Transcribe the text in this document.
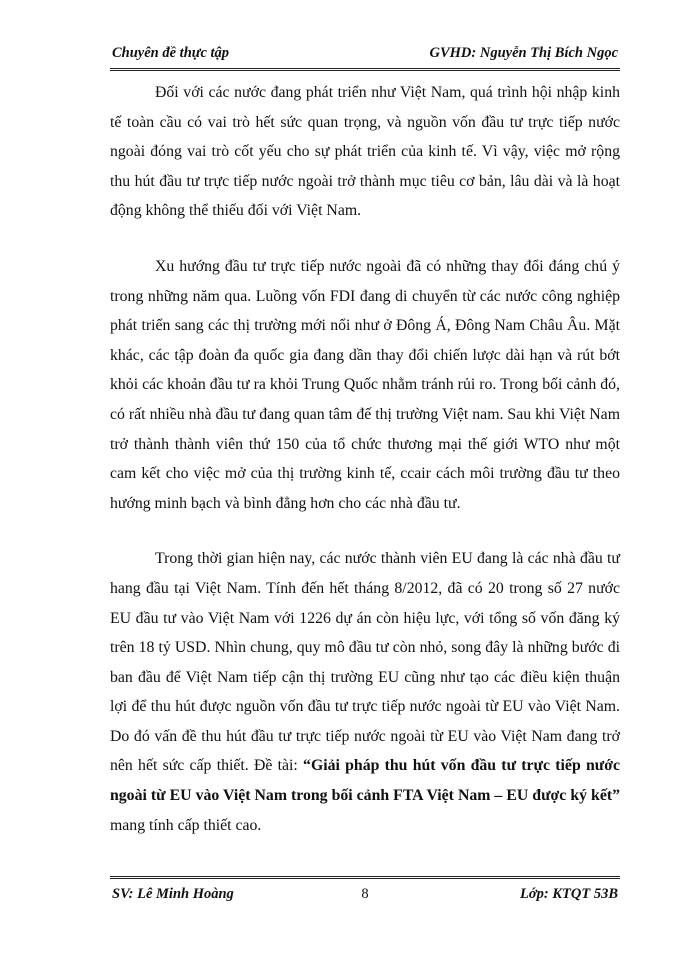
Chuyên đề thực tập	GVHD: Nguyễn Thị Bích Ngọc

Đối với các nước đang phát triển như Việt Nam, quá trình hội nhập kinh tế toàn cầu có vai trò hết sức quan trọng, và nguồn vốn đầu tư trực tiếp nước ngoài đóng vai trò cốt yếu cho sự phát triển của kinh tế. Vì vậy, việc mở rộng thu hút đầu tư trực tiếp nước ngoài trở thành mục tiêu cơ bản, lâu dài và là hoạt động không thể thiếu đối với Việt Nam.

Xu hướng đầu tư trực tiếp nước ngoài đã có những thay đổi đáng chú ý trong những năm qua. Luồng vốn FDI đang di chuyển từ các nước công nghiệp phát triển sang các thị trường mới nổi như ở Đông Á, Đông Nam Châu Âu. Mặt khác, các tập đoàn đa quốc gia đang dần thay đổi chiến lược dài hạn và rút bớt khỏi các khoản đầu tư ra khỏi Trung Quốc nhằm tránh rủi ro. Trong bối cảnh đó, có rất nhiều nhà đầu tư đang quan tâm đế thị trường Việt nam. Sau khi Việt Nam trở thành thành viên thứ 150 của tổ chức thương mại thế giới WTO như một cam kết cho việc mở của thị trường kinh tế, ccair cách môi trường đầu tư theo hướng minh bạch và bình đẳng hơn cho các nhà đầu tư.

Trong thời gian hiện nay, các nước thành viên EU đang là các nhà đầu tư hang đầu tại Việt Nam. Tính đến hết tháng 8/2012, đã có 20 trong số 27 nước EU đầu tư vào Việt Nam với 1226 dự án còn hiệu lực, với tổng số vốn đăng ký trên 18 tỷ USD. Nhìn chung, quy mô đầu tư còn nhỏ, song đây là những bước đi ban đầu để Việt Nam tiếp cận thị trường EU cũng như tạo các điều kiện thuận lợi để thu hút được nguồn vốn đầu tư trực tiếp nước ngoài từ EU vào Việt Nam. Do đó vấn đề thu hút đầu tư trực tiếp nước ngoài từ EU vào Việt Nam đang trở nên hết sức cấp thiết. Đề tài: “Giải pháp thu hút vốn đầu tư trực tiếp nước ngoài từ EU vào Việt Nam trong bối cảnh FTA Việt Nam – EU được ký kết” mang tính cấp thiết cao.

SV: Lê Minh Hoàng	8	Lớp: KTQT 53B
